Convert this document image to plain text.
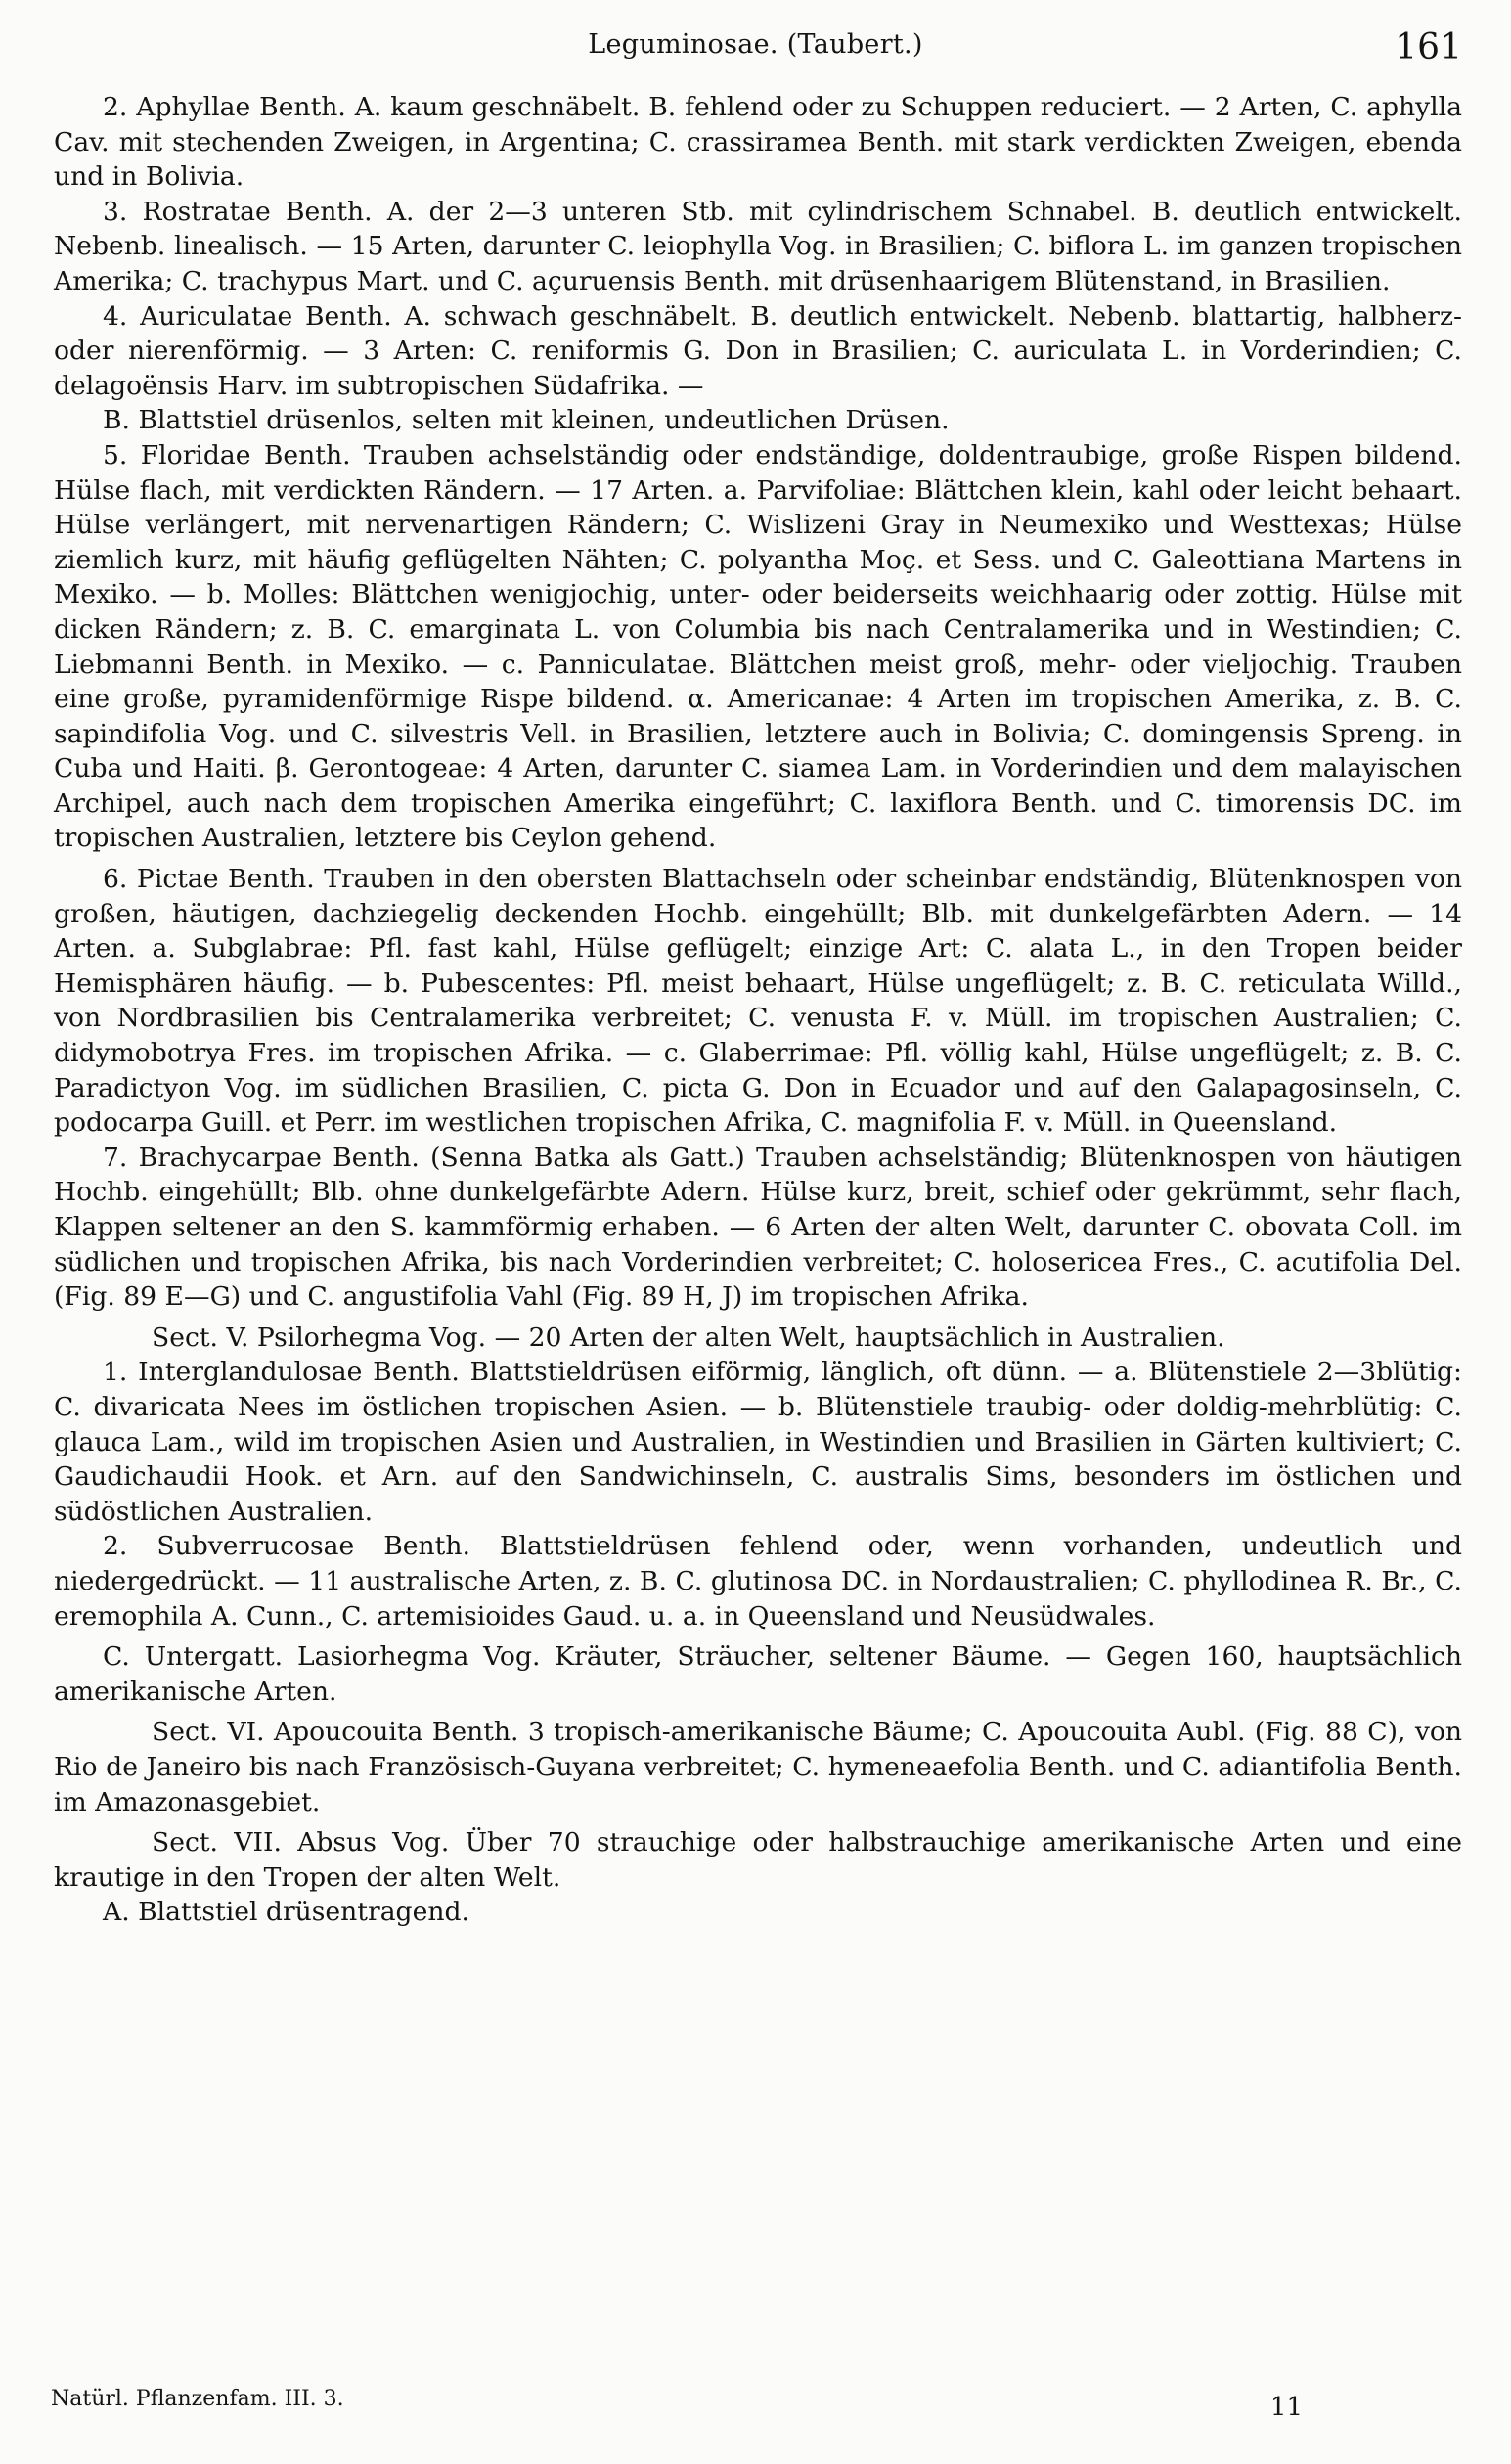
Leguminosae. (Taubert.)	161

2. Aphyllae Benth. A. kaum geschnäbelt. B. fehlend oder zu Schuppen reduciert. — 2 Arten, C. aphylla Cav. mit stechenden Zweigen, in Argentina; C. crassiramea Benth. mit stark verdickten Zweigen, ebenda und in Bolivia.

3. Rostratae Benth. A. der 2—3 unteren Stb. mit cylindrischem Schnabel. B. deutlich entwickelt. Nebenb. linealisch. — 15 Arten, darunter C. leiophylla Vog. in Brasilien; C. biflora L. im ganzen tropischen Amerika; C. trachypus Mart. und C. açuruensis Benth. mit drüsenhaarigem Blütenstand, in Brasilien.

4. Auriculatae Benth. A. schwach geschnäbelt. B. deutlich entwickelt. Nebenb. blattartig, halbherz- oder nierenförmig. — 3 Arten: C. reniformis G. Don in Brasilien; C. auriculata L. in Vorderindien; C. delagoënsis Harv. im subtropischen Südafrika. —

B. Blattstiel drüsenlos, selten mit kleinen, undeutlichen Drüsen.

5. Floridae Benth. Trauben achselständig oder endständige, doldentraubige, große Rispen bildend. Hülse flach, mit verdickten Rändern. — 17 Arten. a. Parvifoliae: Blättchen klein, kahl oder leicht behaart. Hülse verlängert, mit nervenartigen Rändern; C. Wislizeni Gray in Neumexiko und Westtexas; Hülse ziemlich kurz, mit häufig geflügelten Nähten; C. polyantha Moç. et Sess. und C. Galeottiana Martens in Mexiko. — b. Molles: Blättchen wenigjochig, unter- oder beiderseits weichhaarig oder zottig. Hülse mit dicken Rändern; z. B. C. emarginata L. von Columbia bis nach Centralamerika und in Westindien; C. Liebmanni Benth. in Mexiko. — c. Panniculatae. Blättchen meist groß, mehr- oder vieljochig. Trauben eine große, pyramidenförmige Rispe bildend. α. Americanae: 4 Arten im tropischen Amerika, z. B. C. sapindifolia Vog. und C. silvestris Vell. in Brasilien, letztere auch in Bolivia; C. domingensis Spreng. in Cuba und Haiti. β. Gerontogeae: 4 Arten, darunter C. siamea Lam. in Vorderindien und dem malayischen Archipel, auch nach dem tropischen Amerika eingeführt; C. laxiflora Benth. und C. timorensis DC. im tropischen Australien, letztere bis Ceylon gehend.

6. Pictae Benth. Trauben in den obersten Blattachseln oder scheinbar endständig, Blütenknospen von großen, häutigen, dachziegelig deckenden Hochb. eingehüllt; Blb. mit dunkelgefärbten Adern. — 14 Arten. a. Subglabrae: Pfl. fast kahl, Hülse geflügelt; einzige Art: C. alata L., in den Tropen beider Hemisphären häufig. — b. Pubescentes: Pfl. meist behaart, Hülse ungeflügelt; z. B. C. reticulata Willd., von Nordbrasilien bis Centralamerika verbreitet; C. venusta F. v. Müll. im tropischen Australien; C. didymobotrya Fres. im tropischen Afrika. — c. Glaberrimae: Pfl. völlig kahl, Hülse ungeflügelt; z. B. C. Paradictyon Vog. im südlichen Brasilien, C. picta G. Don in Ecuador und auf den Galapagosinseln, C. podocarpa Guill. et Perr. im westlichen tropischen Afrika, C. magnifolia F. v. Müll. in Queensland.

7. Brachycarpae Benth. (Senna Batka als Gatt.) Trauben achselständig; Blütenknospen von häutigen Hochb. eingehüllt; Blb. ohne dunkelgefärbte Adern. Hülse kurz, breit, schief oder gekrümmt, sehr flach, Klappen seltener an den S. kammförmig erhaben. — 6 Arten der alten Welt, darunter C. obovata Coll. im südlichen und tropischen Afrika, bis nach Vorderindien verbreitet; C. holosericea Fres., C. acutifolia Del. (Fig. 89 E—G) und C. angustifolia Vahl (Fig. 89 H, J) im tropischen Afrika.

Sect. V. Psilorhegma Vog. — 20 Arten der alten Welt, hauptsächlich in Australien.

1. Interglandulosae Benth. Blattstieldrüsen eiförmig, länglich, oft dünn. — a. Blütenstiele 2—3blütig: C. divaricata Nees im östlichen tropischen Asien. — b. Blütenstiele traubig- oder doldig-mehrblütig: C. glauca Lam., wild im tropischen Asien und Australien, in Westindien und Brasilien in Gärten kultiviert; C. Gaudichaudii Hook. et Arn. auf den Sandwichinseln, C. australis Sims, besonders im östlichen und südöstlichen Australien.

2. Subverrucosae Benth. Blattstieldrüsen fehlend oder, wenn vorhanden, undeutlich und niedergedrückt. — 11 australische Arten, z. B. C. glutinosa DC. in Nordaustralien; C. phyllodinea R. Br., C. eremophila A. Cunn., C. artemisioides Gaud. u. a. in Queensland und Neusüdwales.

C. Untergatt. Lasiorhegma Vog. Kräuter, Sträucher, seltener Bäume. — Gegen 160, hauptsächlich amerikanische Arten.

Sect. VI. Apoucouita Benth. 3 tropisch-amerikanische Bäume; C. Apoucouita Aubl. (Fig. 88 C), von Rio de Janeiro bis nach Französisch-Guyana verbreitet; C. hymeneaefolia Benth. und C. adiantifolia Benth. im Amazonasgebiet.

Sect. VII. Absus Vog. Über 70 strauchige oder halbstrauchige amerikanische Arten und eine krautige in den Tropen der alten Welt.

A. Blattstiel drüsentragend.

Natürl. Pflanzenfam. III. 3.	11
